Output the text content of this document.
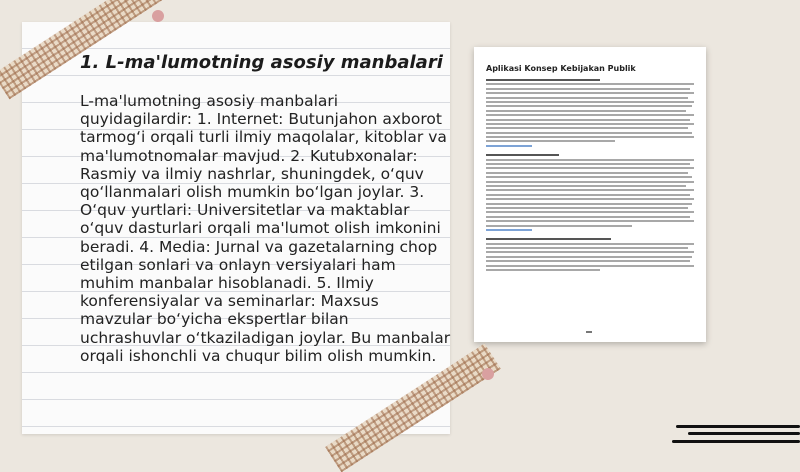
1. L-ma'lumotning asosiy manbalari

L-ma'lumotning asosiy manbalari quyidagilardir: 1. Internet: Butunjahon axborot tarmog‘i orqali turli ilmiy maqolalar, kitoblar va ma'lumotnomalar mavjud. 2. Kutubxonalar: Rasmiy va ilmiy nashrlar, shuningdek, o‘quv qo‘llanmalari olish mumkin bo‘lgan joylar. 3. O‘quv yurtlari: Universitetlar va maktablar o‘quv dasturlari orqali ma'lumot olish imkonini beradi. 4. Media: Jurnal va gazetalarning chop etilgan sonlari va onlayn versiyalari ham muhim manbalar hisoblanadi. 5. Ilmiy konferensiyalar va seminarlar: Maxsus mavzular bo‘yicha ekspertlar bilan uchrashuvlar o‘tkaziladigan joylar. Bu manbalar orqali ishonchli va chuqur bilim olish mumkin.

Aplikasi Konsep Kebijakan Publik
